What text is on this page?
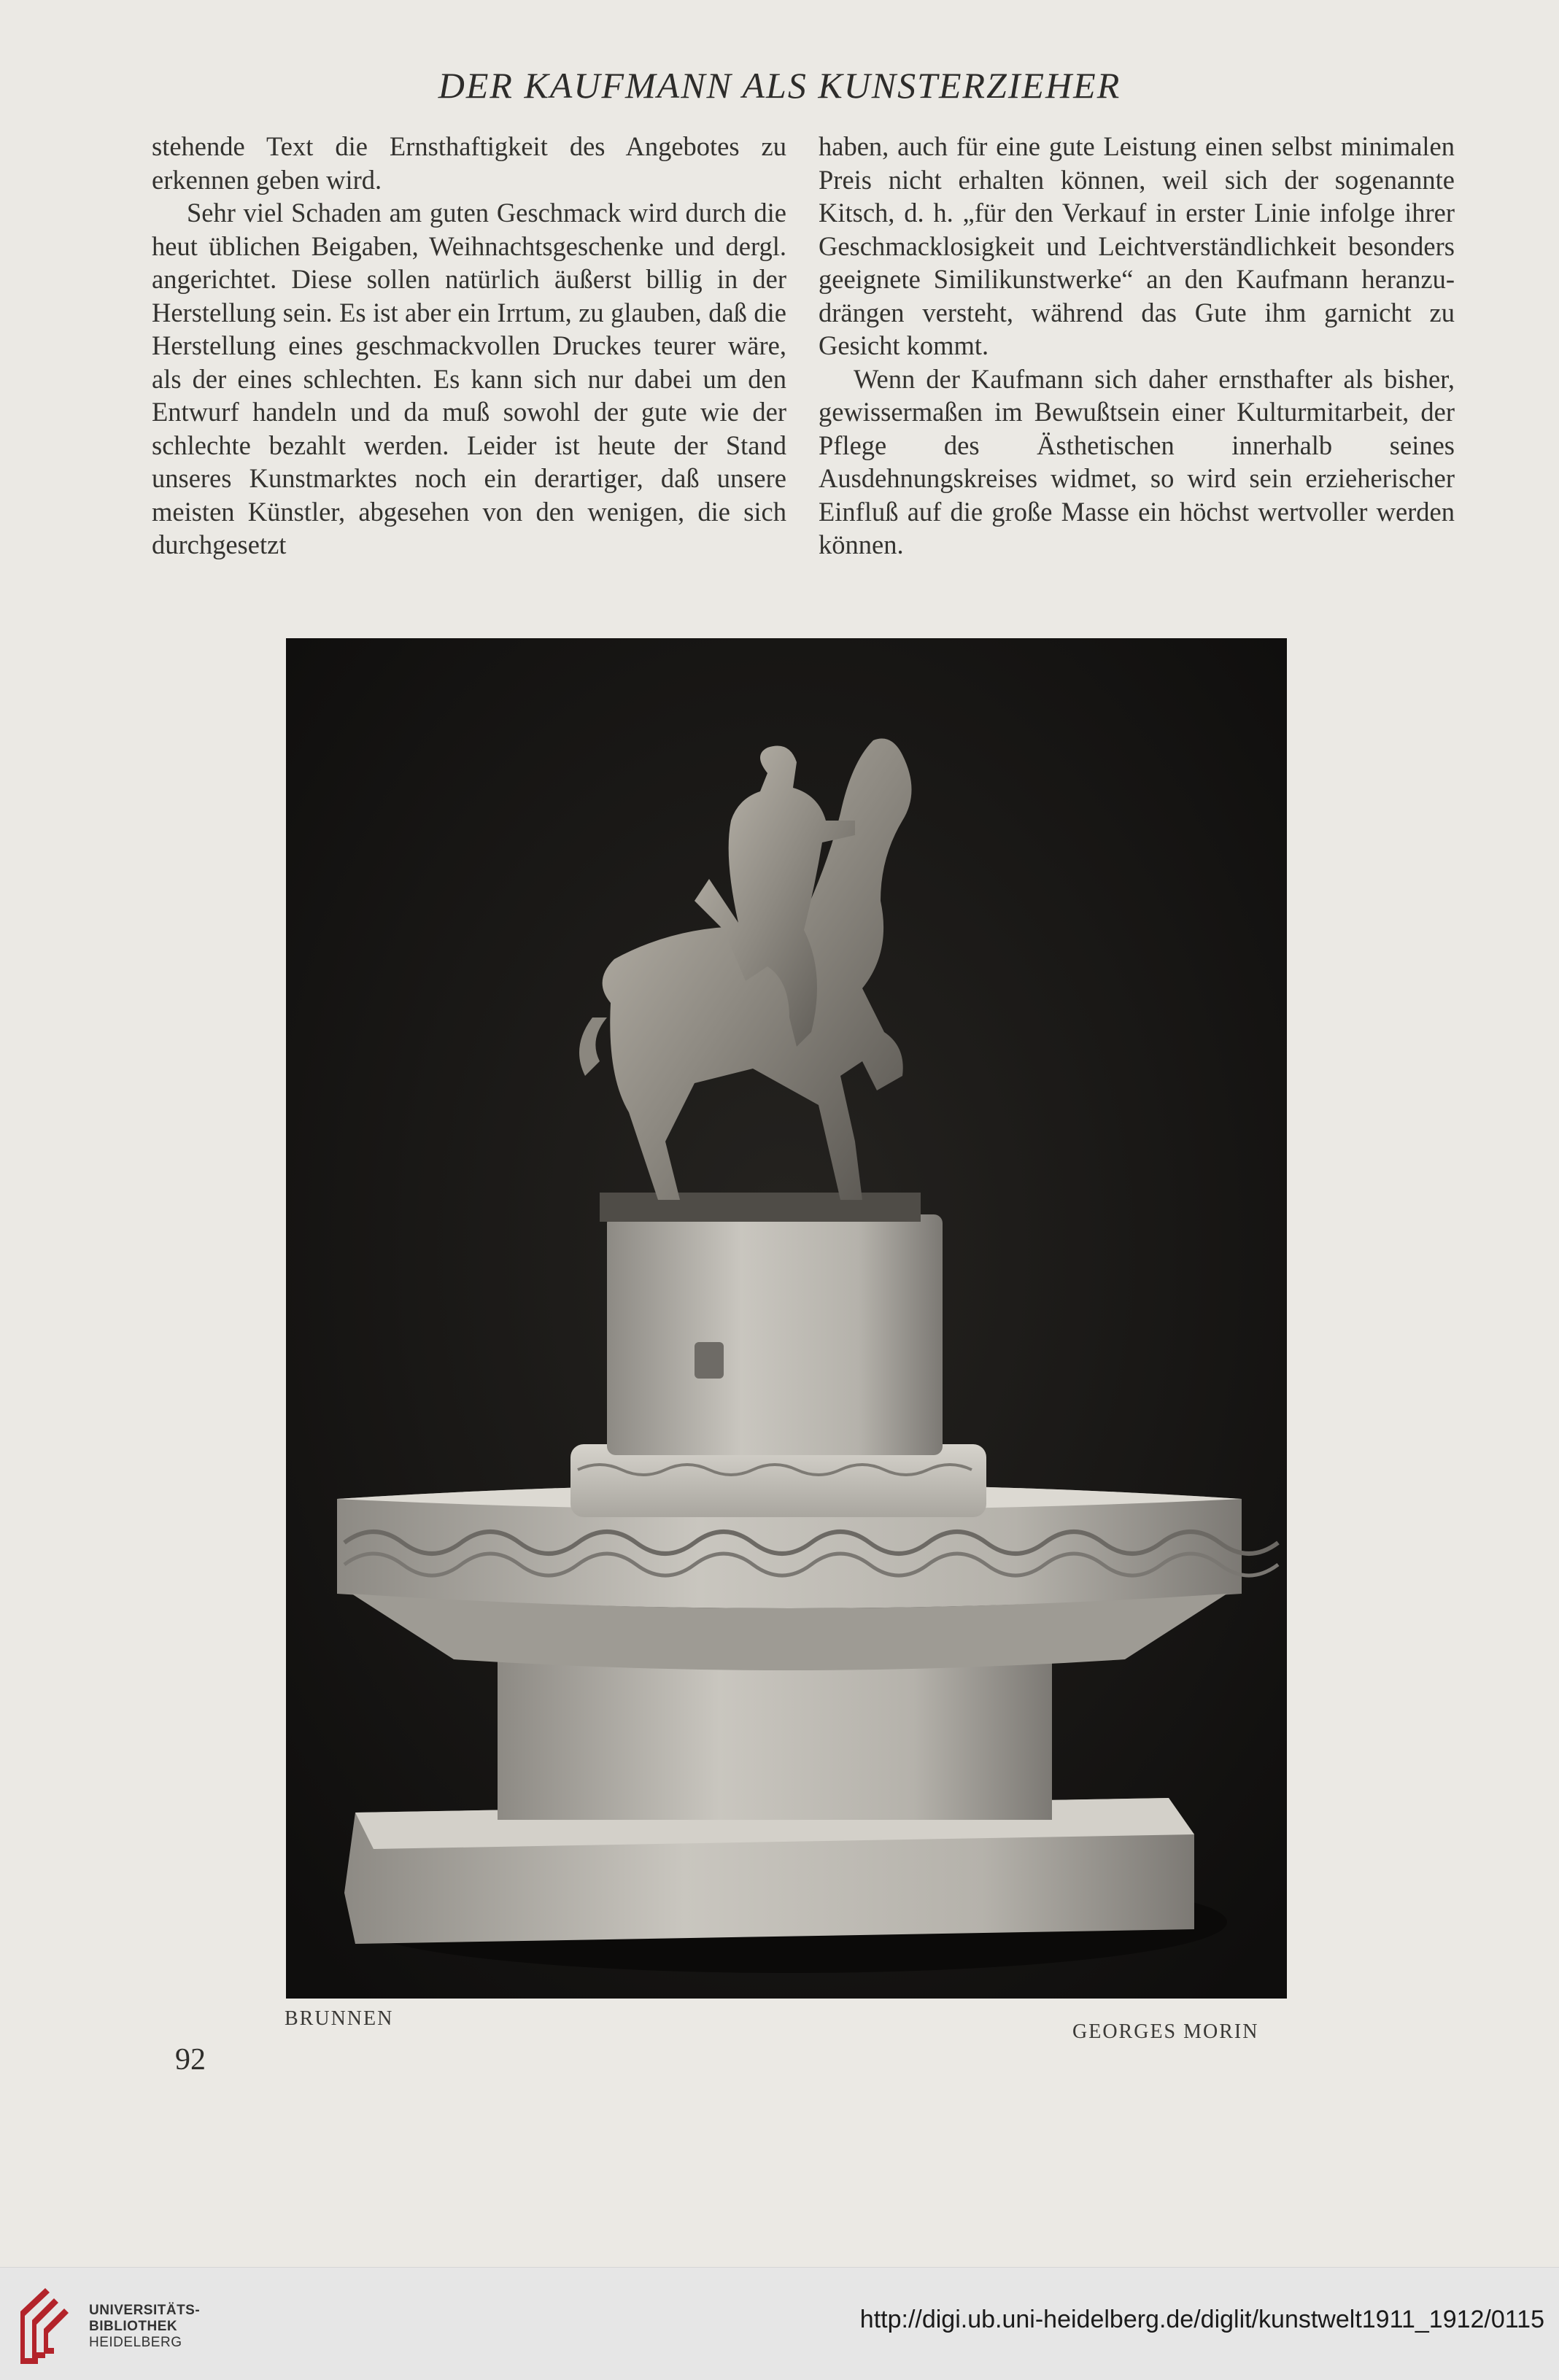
DER KAUFMANN ALS KUNSTERZIEHER

stehende Text die Ernsthaftigkeit des Angebotes zu erkennen geben wird.

Sehr viel Schaden am guten Geschmack wird durch die heut üblichen Beigaben, Weihnachtsgeschenke und dergl. angerichtet. Diese sollen natürlich äußerst billig in der Herstellung sein. Es ist aber ein Irrtum, zu glauben, daß die Herstellung eines geschmackvollen Druckes teurer wäre, als der eines schlechten. Es kann sich nur dabei um den Entwurf handeln und da muß sowohl der gute wie der schlechte bezahlt werden. Leider ist heute der Stand unseres Kunstmarktes noch ein derartiger, daß unsere meisten Künstler, abgesehen von den wenigen, die sich durchgesetzt

haben, auch für eine gute Leistung einen selbst minimalen Preis nicht erhalten können, weil sich der sogenannte Kitsch, d. h. „für den Verkauf in erster Linie infolge ihrer Geschmacklosigkeit und Leichtverständlichkeit besonders geeignete Similikunstwerke“ an den Kaufmann heranzudrängen versteht, während das Gute ihm garnicht zu Gesicht kommt.

Wenn der Kaufmann sich daher ernsthafter als bisher, gewissermaßen im Bewußtsein einer Kulturmitarbeit, der Pflege des Ästhetischen innerhalb seines Ausdehnungskreises widmet, so wird sein erzieherischer Einfluß auf die große Masse ein höchst wertvoller werden können.

BRUNNEN
GEORGES MORIN
92
UNIVERSITÄTS-
BIBLIOTHEK
HEIDELBERG
http://digi.ub.uni-heidelberg.de/diglit/kunstwelt1911_1912/0115
